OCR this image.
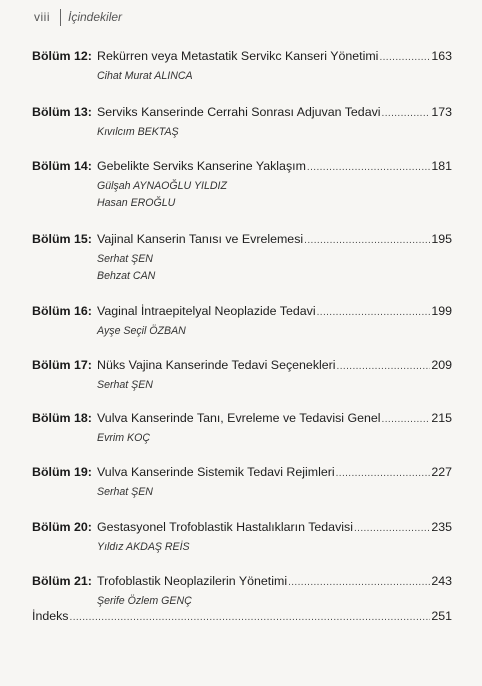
viii İçindekiler
Bölüm 12: Rekürren veya Metastatik Servikс Kanseri Yönetimi .....	163
Cihat Murat ALINCA
Bölüm 13: Serviks Kanserinde Cerrahi Sonrası Adjuvan Tedavi .....	173
Kıvılcım BEKTAŞ
Bölüm 14: Gebelikte Serviks Kanserine Yaklaşım .....	181
Gülşah AYNAOĞLU YILDIZ
Hasan EROĞLU
Bölüm 15: Vajinal Kanserin Tanısı ve Evrelemesi .....	195
Serhat ŞEN
Behzat CAN
Bölüm 16: Vaginal İntraepitelyal Neoplazide Tedavi .....	199
Ayşe Seçil ÖZBAN
Bölüm 17: Nüks Vajina Kanserinde Tedavi Seçenekleri .....	209
Serhat ŞEN
Bölüm 18: Vulva Kanserinde Tanı, Evreleme ve Tedavisi Genel .....	215
Evrim KOÇ
Bölüm 19: Vulva Kanserinde Sistemik Tedavi Rejimleri .....	227
Serhat ŞEN
Bölüm 20: Gestasyonel Trofoblastik Hastalıkların Tedavisi .....	235
Yıldız AKDAŞ REİS
Bölüm 21: Trofoblastik Neoplazilerin Yönetimi .....	243
Şerife Özlem GENÇ
İndeks .....	251
